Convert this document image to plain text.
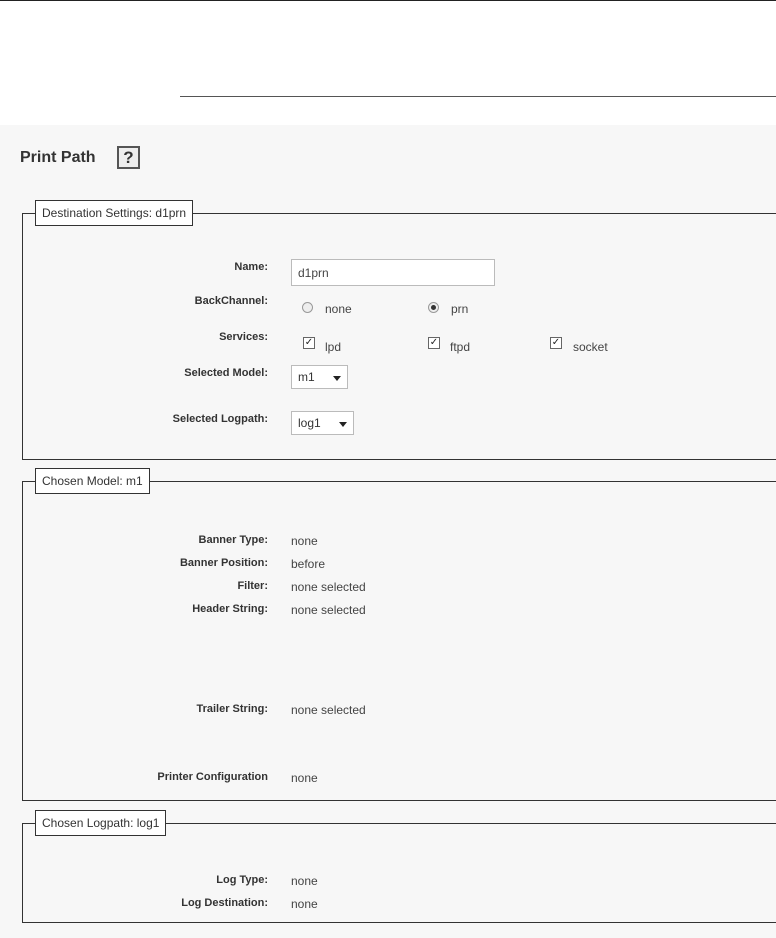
Print Path	?
Destination Settings: d1prn
Name:	d1prn
BackChannel:
none	prn
Services:	✓ lpd	✓ ftpd	✓ socket
Selected Model:	m1
Selected Logpath:	log1
Chosen Model: m1
Banner Type: none
Banner Position: before
Filter: none selected
Header String: none selected
Trailer String: none selected
Printer Configuration none
Chosen Logpath: log1
Log Type: none
Log Destination: none
